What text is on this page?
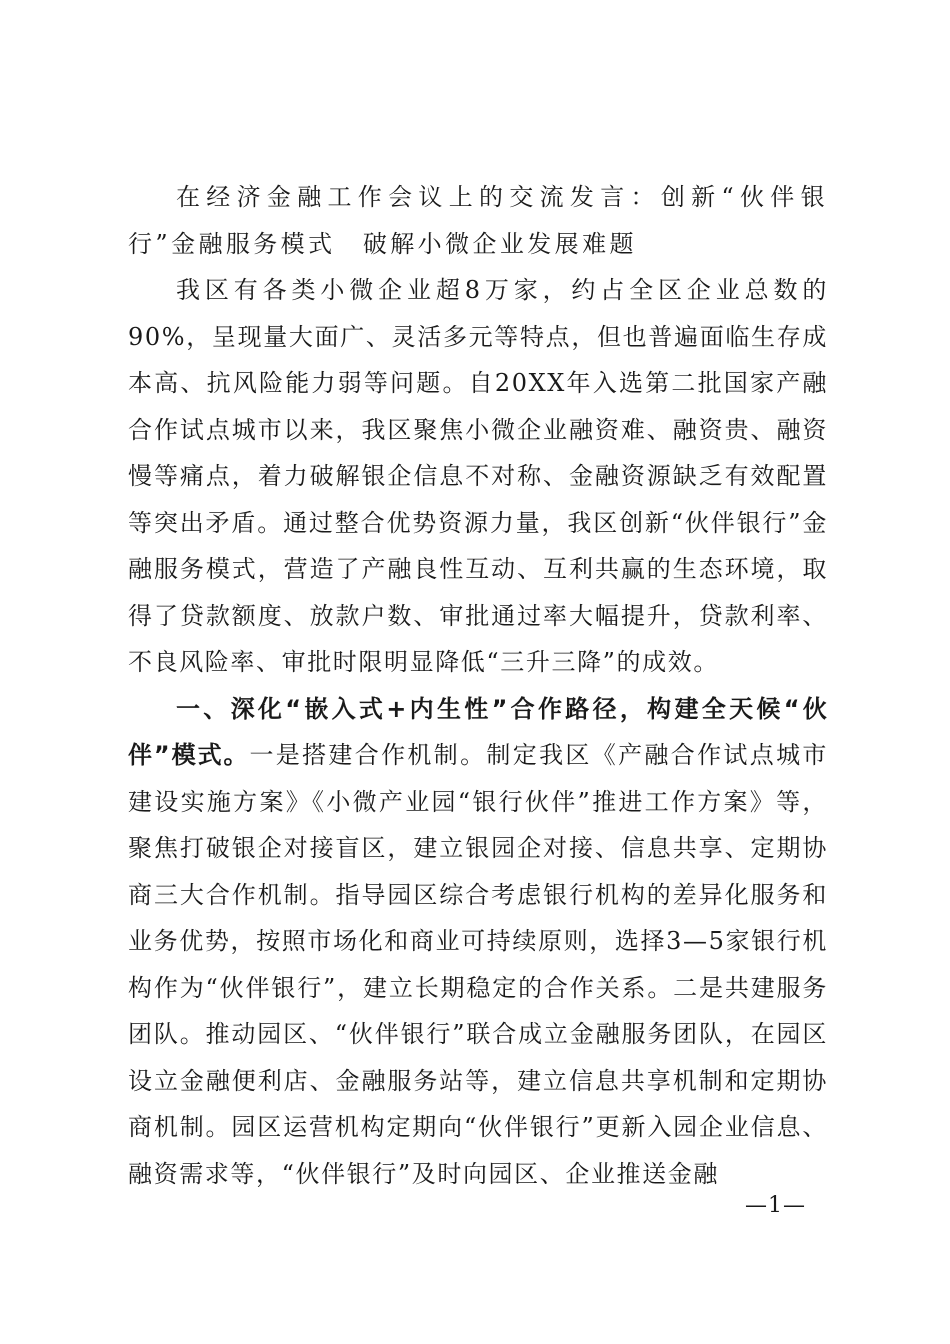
在经济金融工作会议上的交流发言：创新“伙伴银行”金融服务模式　破解小微企业发展难题

我区有各类小微企业超8万家，约占全区企业总数的90%，呈现量大面广、灵活多元等特点，但也普遍面临生存成本高、抗风险能力弱等问题。自20XX年入选第二批国家产融合作试点城市以来，我区聚焦小微企业融资难、融资贵、融资慢等痛点，着力破解银企信息不对称、金融资源缺乏有效配置等突出矛盾。通过整合优势资源力量，我区创新“伙伴银行”金融服务模式，营造了产融良性互动、互利共赢的生态环境，取得了贷款额度、放款户数、审批通过率大幅提升，贷款利率、不良风险率、审批时限明显降低“三升三降”的成效。

一、深化“嵌入式+内生性”合作路径，构建全天候“伙伴”模式。一是搭建合作机制。制定我区《产融合作试点城市建设实施方案》《小微产业园“银行伙伴”推进工作方案》等，聚焦打破银企对接盲区，建立银园企对接、信息共享、定期协商三大合作机制。指导园区综合考虑银行机构的差异化服务和业务优势，按照市场化和商业可持续原则，选择3—5家银行机构作为“伙伴银行”，建立长期稳定的合作关系。二是共建服务团队。推动园区、“伙伴银行”联合成立金融服务团队，在园区设立金融便利店、金融服务站等，建立信息共享机制和定期协商机制。园区运营机构定期向“伙伴银行”更新入园企业信息、融资需求等，“伙伴银行”及时向园区、企业推送金融

—1—
